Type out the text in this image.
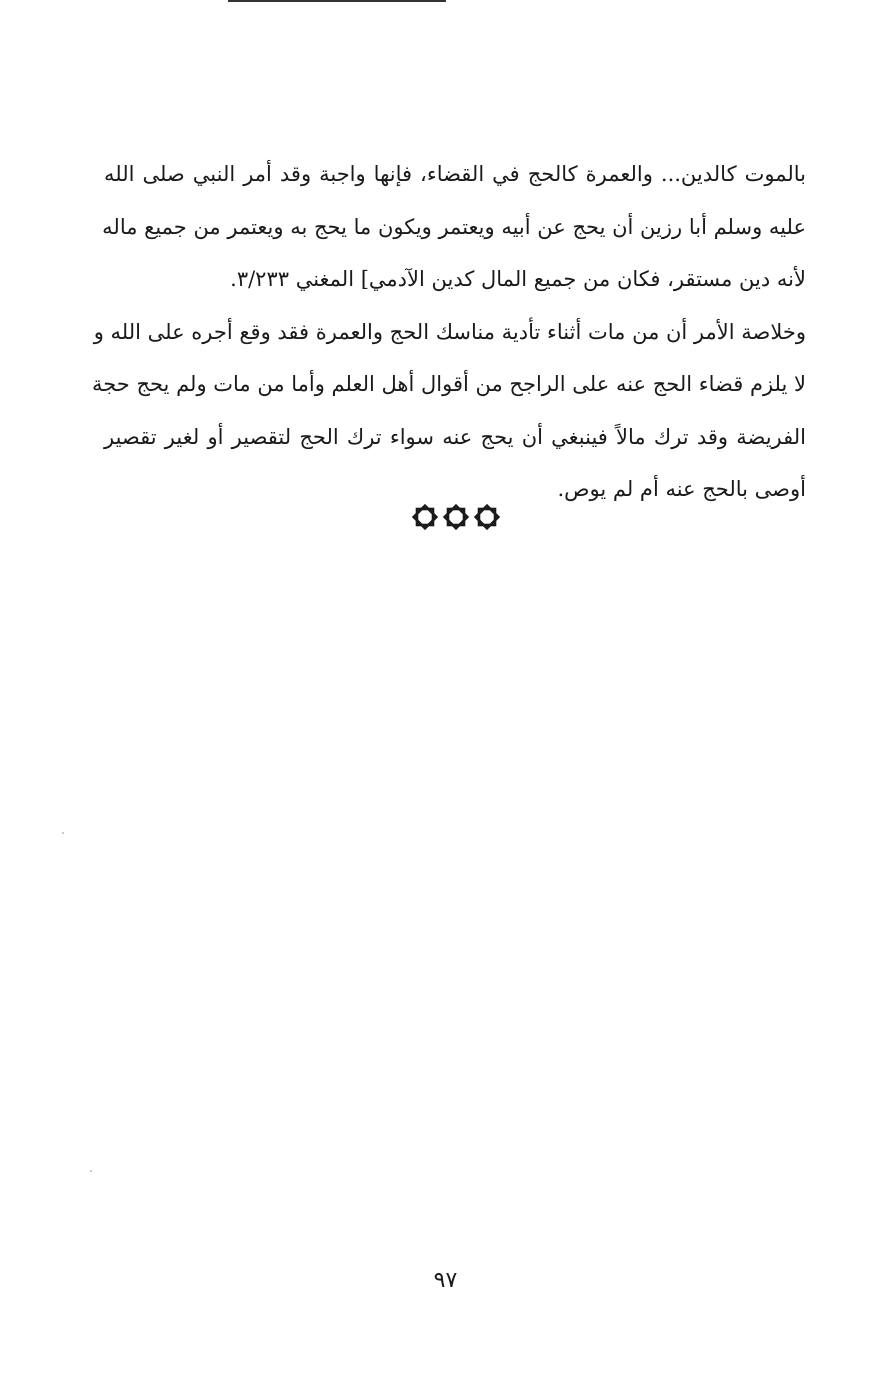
بالموت كالدين... والعمرة كالحج في القضاء، فإنها واجبة وقد أمر النبي صلى الله
عليه وسلم أبا رزين أن يحج عن أبيه ويعتمر ويكون ما يحج به ويعتمر من جميع ماله
لأنه دين مستقر، فكان من جميع المال كدين الآدمي] المغني ٣/٢٣٣.
وخلاصة الأمر أن من مات أثناء تأدية مناسك الحج والعمرة فقد وقع أجره على الله و
لا يلزم قضاء الحج عنه على الراجح من أقوال أهل العلم وأما من مات ولم يحج حجة
الفريضة وقد ترك مالاً فينبغي أن يحج عنه سواء ترك الحج لتقصير أو لغير تقصير
أوصى بالحج عنه أم لم يوص.
٩٧
